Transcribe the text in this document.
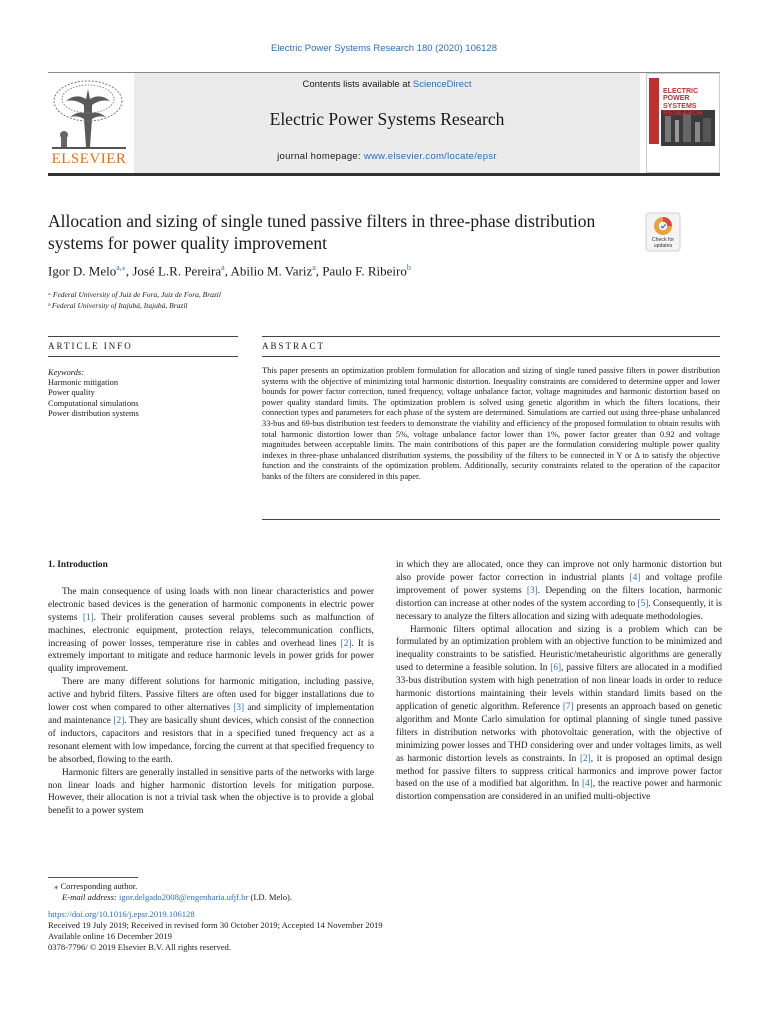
Electric Power Systems Research 180 (2020) 106128
ELSEVIER
Contents lists available at ScienceDirect
Electric Power Systems Research
journal homepage: www.elsevier.com/locate/epsr
ELECTRIC POWER SYSTEMS RESEARCH
Allocation and sizing of single tuned passive filters in three-phase distribution systems for power quality improvement	Check for
updates
Igor D. Melo$^{a,⁎}$, José L.R. Pereira$^a$, Abilio M. Variz$^a$, Paulo F. Ribeiro$^b$
ᵃ Federal University of Juiz de Fora, Juiz de Fora, Brazil
ᵇ Federal University of Itajubá, Itajubá, Brazil
ARTICLE INFO	ABSTRACT
Keywords:
Harmonic mitigation
Power quality
Computational simulations
Power distribution systems
This paper presents an optimization problem formulation for allocation and sizing of single tuned passive filters in power distribution systems with the objective of minimizing total harmonic distortion. Inequality constraints are considered to determine upper and lower bounds for power factor correction, tuned frequency, voltage unbalance factor, voltage magnitudes and harmonic distortion based on power quality standard limits. The optimization problem is solved using genetic algorithm in which the filters locations, their connection types and parameters for each phase of the system are determined. Simulations are carried out using three-phase unbalanced 33-bus and 69-bus distribution test feeders to demonstrate the viability and efficiency of the proposed formulation to obtain results with total harmonic distortion lower than 5%, voltage unbalance factor lower than 1%, power factor greater than 0.92 and voltage magnitudes between acceptable limits. The main contributions of this paper are the formulation considering multiple power quality indexes in three-phase unbalanced distribution systems, the possibility of the filters to be connected in Y or Δ to satisfy the objective function and the constraints of the optimization problem. Additionally, security constraints related to the operation of the capacitor banks of the filters are considered in this paper.
1. Introduction

The main consequence of using loads with non linear characteristics and power electronic based devices is the generation of harmonic components in electric power systems [1]. Their proliferation causes several problems such as malfunction of machines, electronic equipment, protection relays, telecommunication conflicts, increasing of power losses, temperature rise in cables and overhead lines [2]. It is extremely important to mitigate and reduce harmonic levels in power grids for power quality improvement.

There are many different solutions for harmonic mitigation, including passive, active and hybrid filters. Passive filters are often used for bigger installations due to lower cost when compared to other alternatives [3] and simplicity of implementation and maintenance [2]. They are basically shunt devices, which consist of the connection of inductors, capacitors and resistors that in a specified tuned frequency act as a resonant element with low impedance, forcing the current at that specified frequency to be absorbed, flowing to the earth.

Harmonic filters are generally installed in sensitive parts of the networks with large non linear loads and higher harmonic distortion levels for mitigation purpose. However, their allocation is not a trivial task when the objective is to provide a global benefit to a power system

in which they are allocated, once they can improve not only harmonic distortion but also provide power factor correction in industrial plants [4] and voltage profile improvement of power systems [3]. Depending on the filters location, harmonic distortion can increase at other nodes of the system according to [5]. Consequently, it is necessary to analyze the filters allocation and sizing with adequate methodologies.

Harmonic filters optimal allocation and sizing is a problem which can be formulated by an optimization problem with an objective function to be minimized and inequality constraints to be satisfied. Heuristic/metaheuristic algorithms are generally used to determine a feasible solution. In [6], passive filters are allocated in a modified 33-bus distribution system with high penetration of non linear loads in order to reduce harmonic distortions maintaining their levels within standard limits based on the application of genetic algorithm. Reference [7] presents an approach based on genetic algorithm and Monte Carlo simulation for optimal planning of single tuned passive filters in distribution networks with photovoltaic generation, with the objective of minimizing power losses and THD considering over and under voltages limits, as well as harmonic distortion levels as constraints. In [2], it is proposed an optimal design method for passive filters to suppress critical harmonics and improve power factor based on the use of a modified bat algorithm. In [4], the reactive power and harmonic distortion compensation are considered in an unified multi-objective

⁎ Corresponding author.
E-mail address: igor.delgado2008@engenharia.ufjf.br (I.D. Melo).
https://doi.org/10.1016/j.epsr.2019.106128
Received 19 July 2019; Received in revised form 30 October 2019; Accepted 14 November 2019
Available online 16 December 2019
0378-7796/ © 2019 Elsevier B.V. All rights reserved.
